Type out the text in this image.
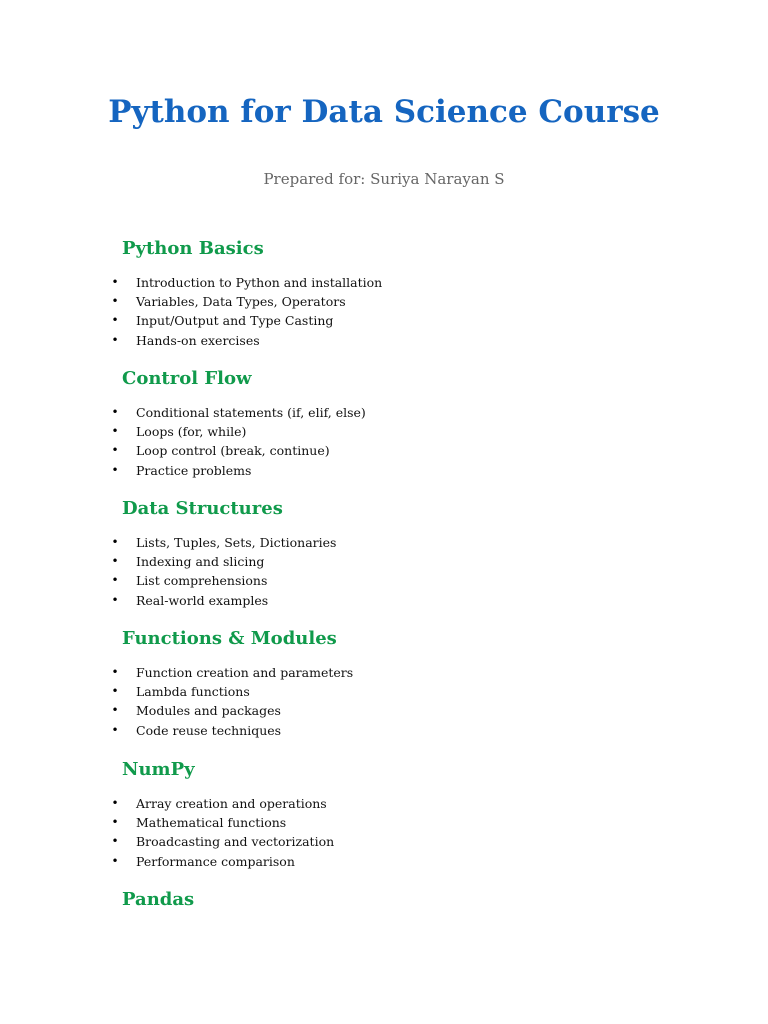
Python for Data Science Course

Prepared for: Suriya Narayan S

Python Basics
• Introduction to Python and installation
• Variables, Data Types, Operators
• Input/Output and Type Casting
• Hands-on exercises
Control Flow
• Conditional statements (if, elif, else)
• Loops (for, while)
• Loop control (break, continue)
• Practice problems
Data Structures
• Lists, Tuples, Sets, Dictionaries
• Indexing and slicing
• List comprehensions
• Real-world examples
Functions & Modules
• Function creation and parameters
• Lambda functions
• Modules and packages
• Code reuse techniques
NumPy
• Array creation and operations
• Mathematical functions
• Broadcasting and vectorization
• Performance comparison
Pandas
